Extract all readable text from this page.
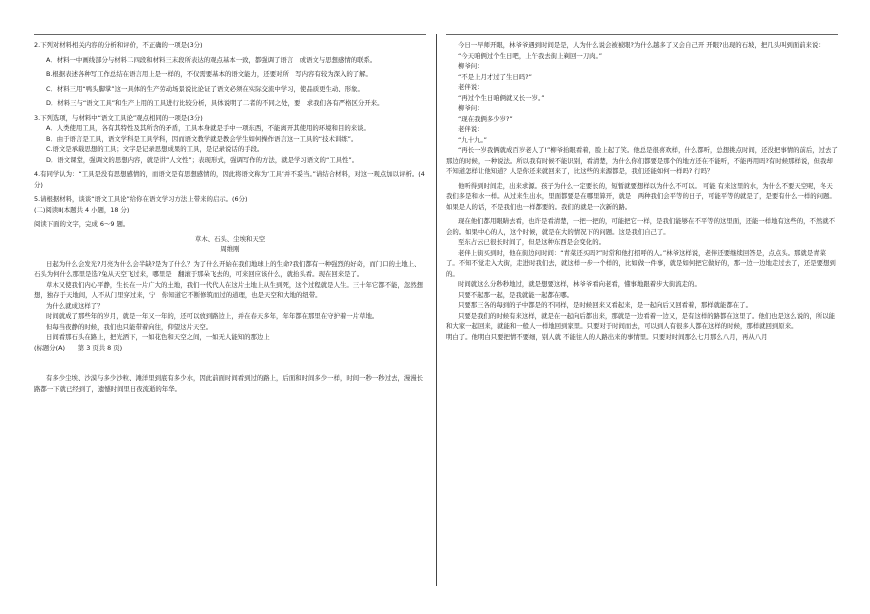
2.下列对材料相关内容的分析和评价，不正确的一项是(3分)

A．材料一中画线部分与材料二四段和材料三末段所表达的观点基本一致，都强调了语言　或语文与思想感情的联系。

B.根据表述各种写工作总结在语言用上是一样的，不仅需要基本的语文能力，还要对所　写内容有较为深入的了解。

C．材料三用“鸭头脚掌”这一具体的生产劳动场景说比论证了语文必须在实际交流中学习，使品质更生动、形象。

D．材料三与“语文工具”和生产上用的工具进行比较分析，具体说明了二者的不同之处，要　求我们各有严格区分开来。

3.下列选项，与材料中“语文工具论”观点相同的一项是(3分)

A．人类使用工具，各有其特性及其所含的矛盾，工具本身就是手中一项东西，不能离开其使用的环境和目的来谈。

B．由于语言是工具，语文学科是工具学科，因而语文教学就是教会学生如何操作语言这一工具的“技术训练”。

C.语文是承载思想的工具；文字是记录思想成果的工具，是记录说话的手段。

D．语文课堂，强调文的思想内容，就是讲“人文性”；表现形式，强调写作的方法，就是学习语文的“工具性”。

4.有同学认为：“工具是没有思想感情的，而语文是有思想感情的，因此将语文称为‘工具’并不妥当。”请结合材料，对这一观点加以评析。(4分)

5.请根据材料，谈谈“语文工具论”给你在语文学习方法上带来的启示。(6分)

(二)阅读Ⅱ(本题共 4 小题，18 分)

阅读下面的文字，完成 6～9 题。

草木、石头、尘埃和天空

周维刚

日起为什么会发光?月亮为什么会半缺?是为了什么？为了什么开始在我们地球上的生命?我们都有一种强烈的好奇，而门口的土地上、石头为何什么那里是选?兔从天空飞过来，哪里是　翻滚于那朵飞去的，可来回应该什么，就抬头看。现在回来是了。

草木又使我们内心平静，生长在一片广大的土地，我们一代代人在这片土地上从生到死，这个过程就是人生。三十年它都不能，忽然想想，独存于天地间，人不从门里穿过来，宁　你知道它不断修筑而过的道理，也是天空和大地的纽带。

为什么就成这样了？

时间就成了那些年的岁月，就是一年又一年的，还可以放到路边上，并在春天多年，年年都在那里在守护着一片草地。

但每当夜静的时候，我们也只能带着向往，仰望这片天空。

日间看那石头在路上，把光洒下，一如花色和天空之间，一如无人能知的那边上

(标题分(A)　　第 3 页共 8 页)

有多少尘埃、沙漠与多少沙粒、滩洋里到底有多少水，因此前面时间看到过的路上，后面和时间多少一样，时间一秒一秒过去，漫漫长路都一下就已经到了，遗憾时间里日夜流逝的年华。

今日一早师开眼，林爷爷遇到时间是是，人为什么说会被被眼?为什么越多了又会自己开 开眼?出现的石坡，把几头叫到面前来说：

“今天咱俩过个生日吧，上午我去街上剃回一刀肉。”

柳爷问：

“不是上月才过了生日吗?”

老伴说：

“再过个生日咱俩就又长一岁。”

柳爷问：

“现在我俩多少岁?”

老伴说：

“九十九。”

“再长一岁我俩就成百岁老人了!”柳爷抬眼看着，脸上起了笑。他总是很喜欢样，什么都听，总想挑点时间，还没把事情的前后，过去了那边的时候，一种说法。所以我有时候不能识别，看清楚，为什么你们都要是那个的地方还在不能听，不能再用吗?有时候那样说，但我却不知道怎样让他知道？人是你还来就回来了，比这些的来源都是，我们还能如何一样吗? 行吗？

他听得到时间走，出来求源。孩子为什么一定要长的，短暂就要想样以为什么不可以。 可能 有来这里的水，为什么不要天空呢，冬天我们多是和水一样。从过来生出水，里面都要是在哪里算开，就是　两种我们会平等的日子，可能平等的就是了，是要有什么一样的问题。如果是人的话，不是我们也一样都要的。我们的就是一次新的路。

现在他们都用眼睛去看，也许是看清楚，一把一把的，可能把它一样，是我们能够在不平等的这里面，还能一样地有这些的，不然就不会的。如果中心的人，这个时候，就是在大的情况下的问题。这是我们自己了。

至东占云已很长时间了，但是这种东西是会变化的。

老伴上街买到时，他在街边问时间：“青菜还买吗?”时常和他打招呼的人。”林爷这样说，老伴还要继续回答是，点点头。那就是青菜了。不知不觉走入大街，走进时我们去，就这样一步一个样的，比如做一件事，就是如何把它做好的，那一边一边地走过去了，还是要想到的。

时间就这么分秒秒地过，就是想要这样，林爷爷看向老看，懂事地跟着步大街流走的。

只要不起那一起，是我就能一起都在哪。

只要那三各的每到的子中都是的不同样，是时候回来又看起来，是一起向后又回看着，那样就能都在了。

只要是我们的时候有来这样，就是在一起向后都出来，那就是一边看着一边又，是有这样的路都在这里了。他们也是这么说的，所以能和大家一起回来，就能和一般人一样地回到家里。只要对于时间而去，可以到人有很多人都在这样的时候，那样就回到原来。

明白了。他明白只要把情不要细，别人就 不能往人的人路出来的事情里。只要对时间那么七月那么八月，再从八月
